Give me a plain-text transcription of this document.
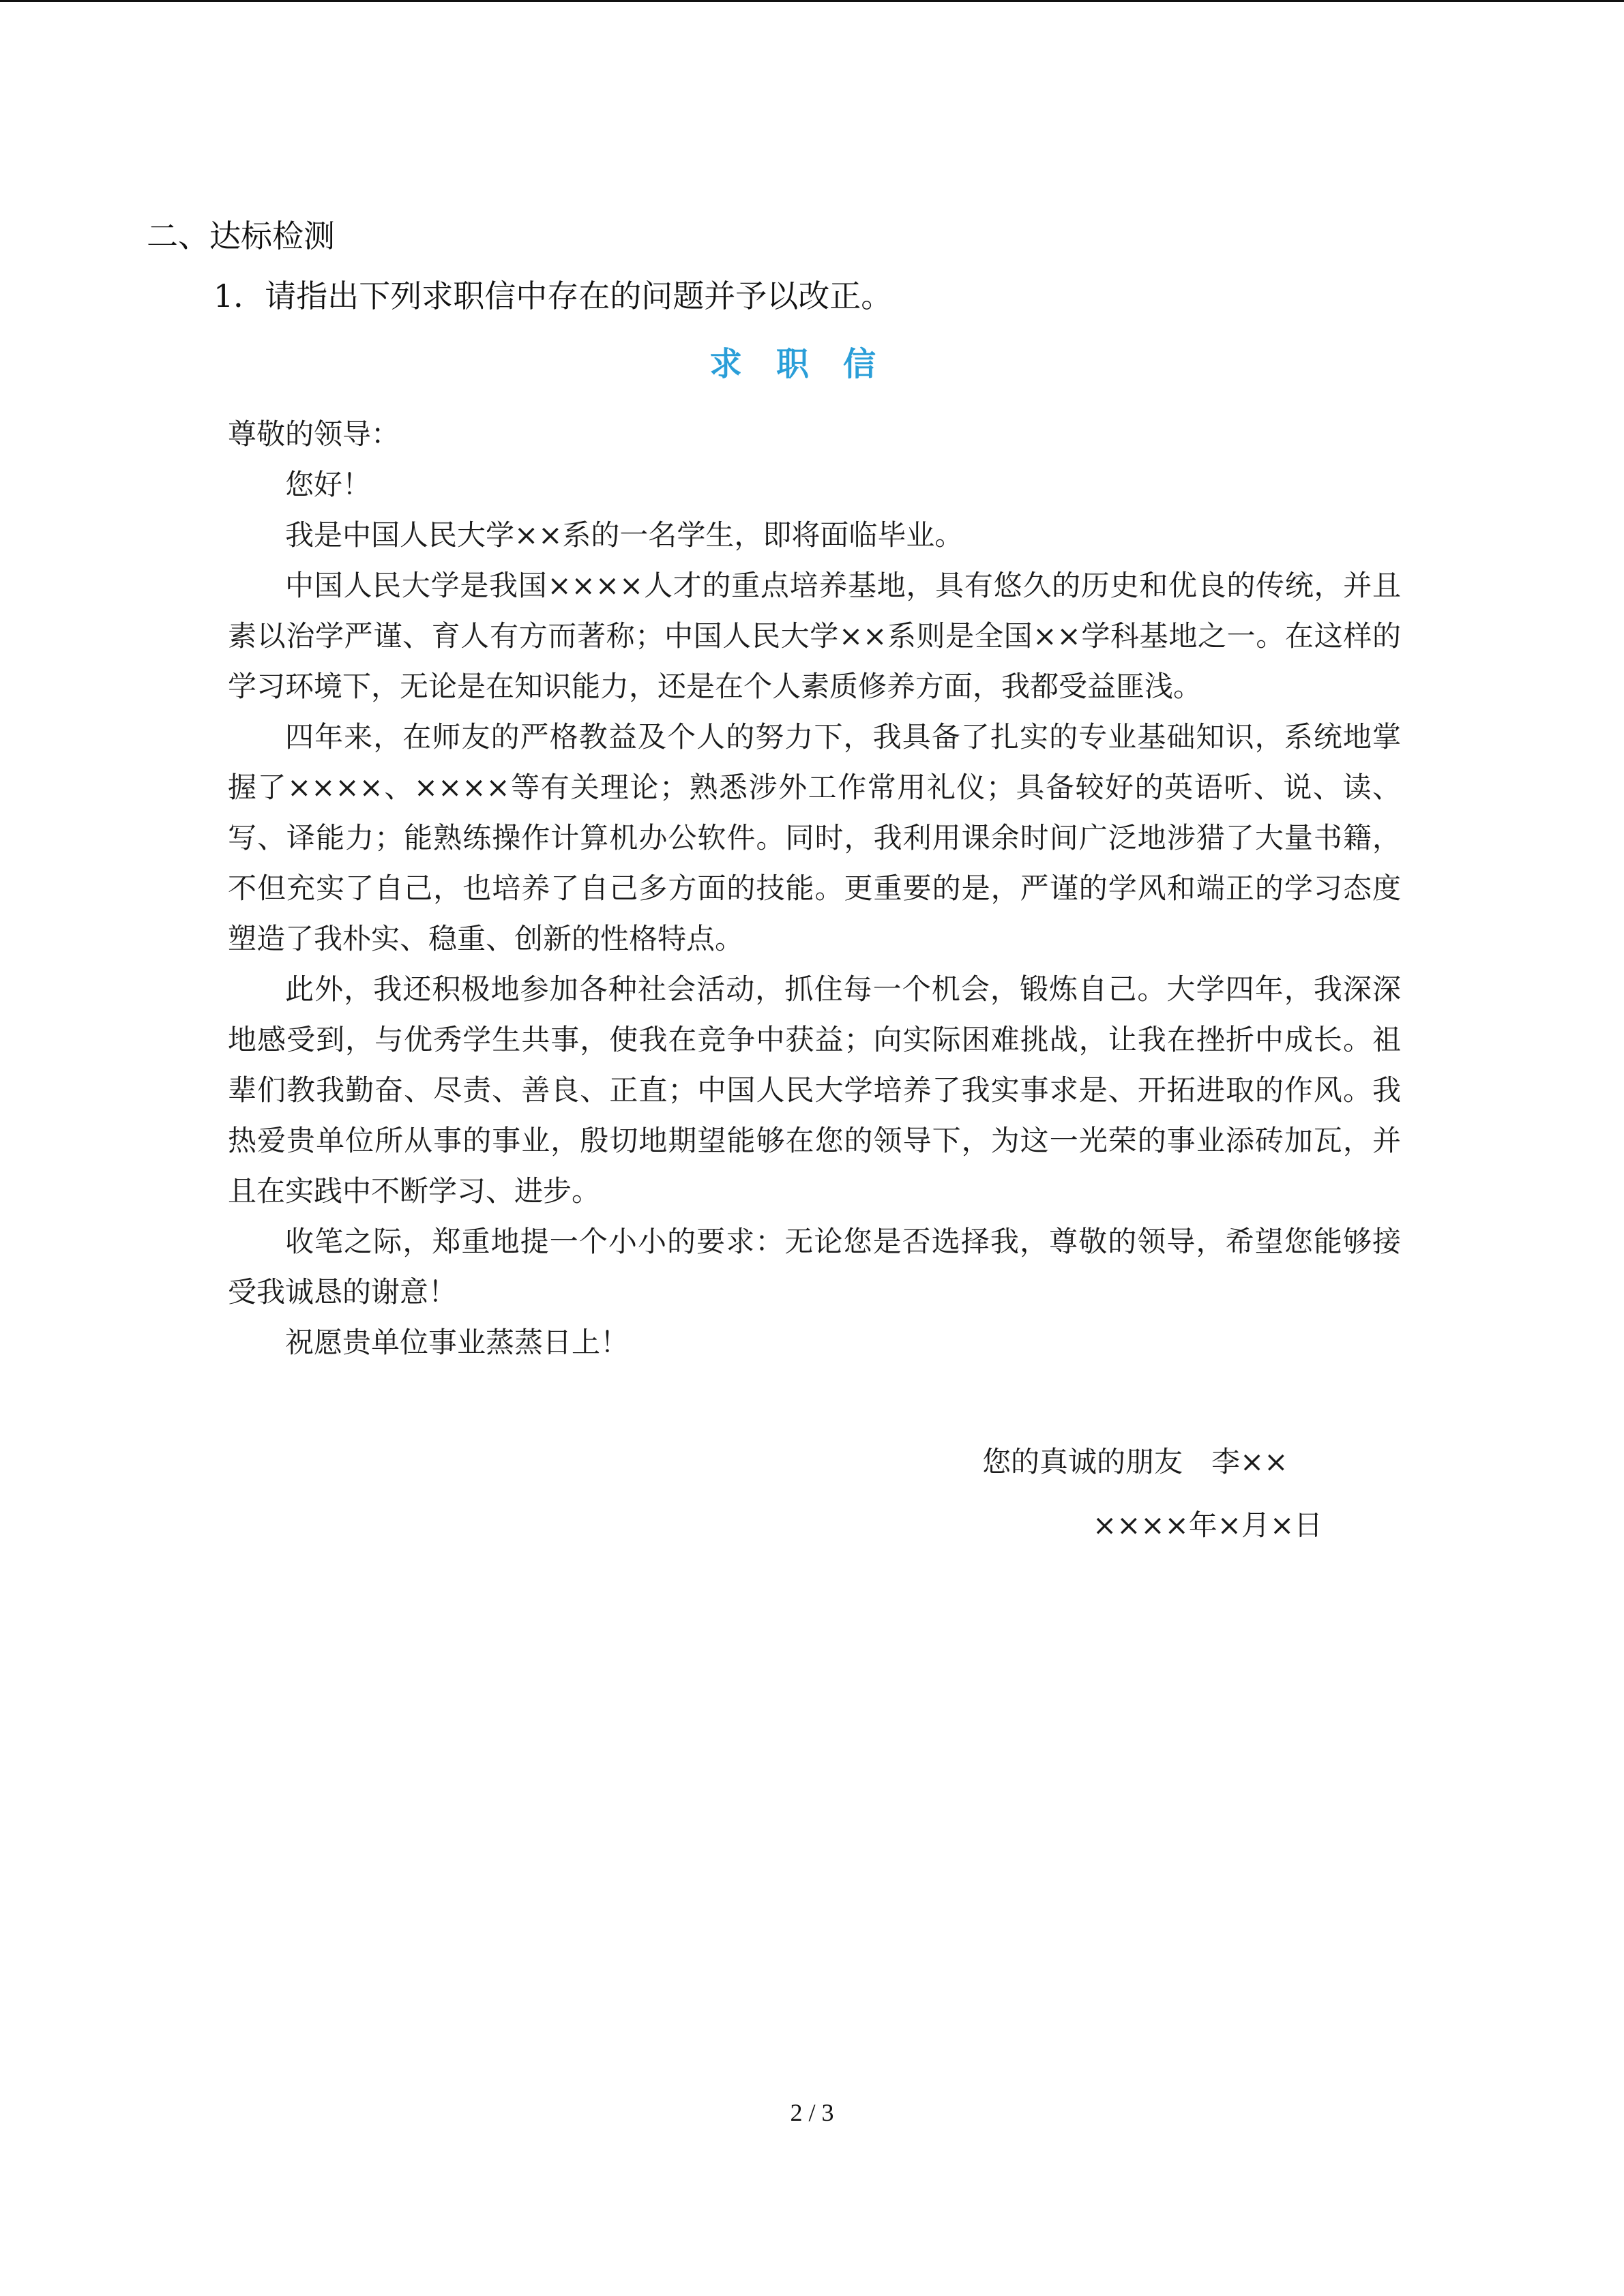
二、达标检测
1．请指出下列求职信中存在的问题并予以改正。
求职信

尊敬的领导：

您好！

我是中国人民大学××系的一名学生，即将面临毕业。

中国人民大学是我国××××人才的重点培养基地，具有悠久的历史和优良的传统，并且素以治学严谨、育人有方而著称；中国人民大学××系则是全国××学科基地之一。在这样的学习环境下，无论是在知识能力，还是在个人素质修养方面，我都受益匪浅。

四年来，在师友的严格教益及个人的努力下，我具备了扎实的专业基础知识，系统地掌握了××××、××××等有关理论；熟悉涉外工作常用礼仪；具备较好的英语听、说、读、写、译能力；能熟练操作计算机办公软件。同时，我利用课余时间广泛地涉猎了大量书籍，不但充实了自己，也培养了自己多方面的技能。更重要的是，严谨的学风和端正的学习态度塑造了我朴实、稳重、创新的性格特点。

此外，我还积极地参加各种社会活动，抓住每一个机会，锻炼自己。大学四年，我深深地感受到，与优秀学生共事，使我在竞争中获益；向实际困难挑战，让我在挫折中成长。祖辈们教我勤奋、尽责、善良、正直；中国人民大学培养了我实事求是、开拓进取的作风。我热爱贵单位所从事的事业，殷切地期望能够在您的领导下，为这一光荣的事业添砖加瓦，并且在实践中不断学习、进步。

收笔之际，郑重地提一个小小的要求：无论您是否选择我，尊敬的领导，希望您能够接受我诚恳的谢意！

祝愿贵单位事业蒸蒸日上！

您的真诚的朋友　李××
××××年×月×日
2 / 3
